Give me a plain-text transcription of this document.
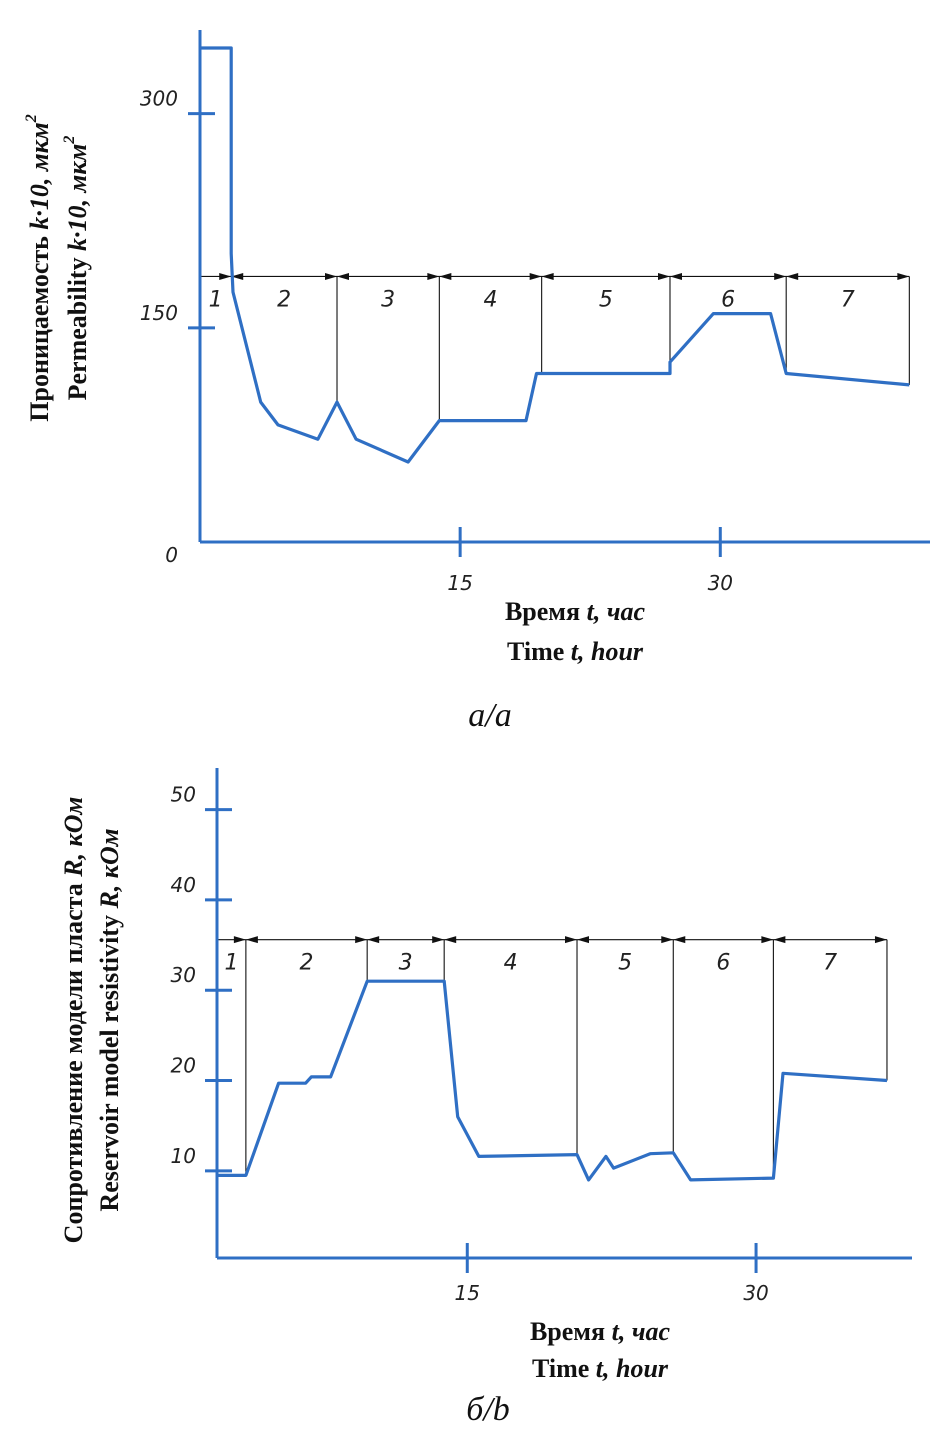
1 2	3	4	5	6	7
15	30
0
150
300
Проницаемость k·10, мкм$^2$
Permeability k·10, мкм$^2$
Время t, час
Time t, hour
а/a
1	2	3	4	5	6	7
15	30
10
20
30
40
50
Сопротивление модели пласта R, кОм
Reservoir model resistivity R, кОм
Время t, час
Time t, hour
б/b
